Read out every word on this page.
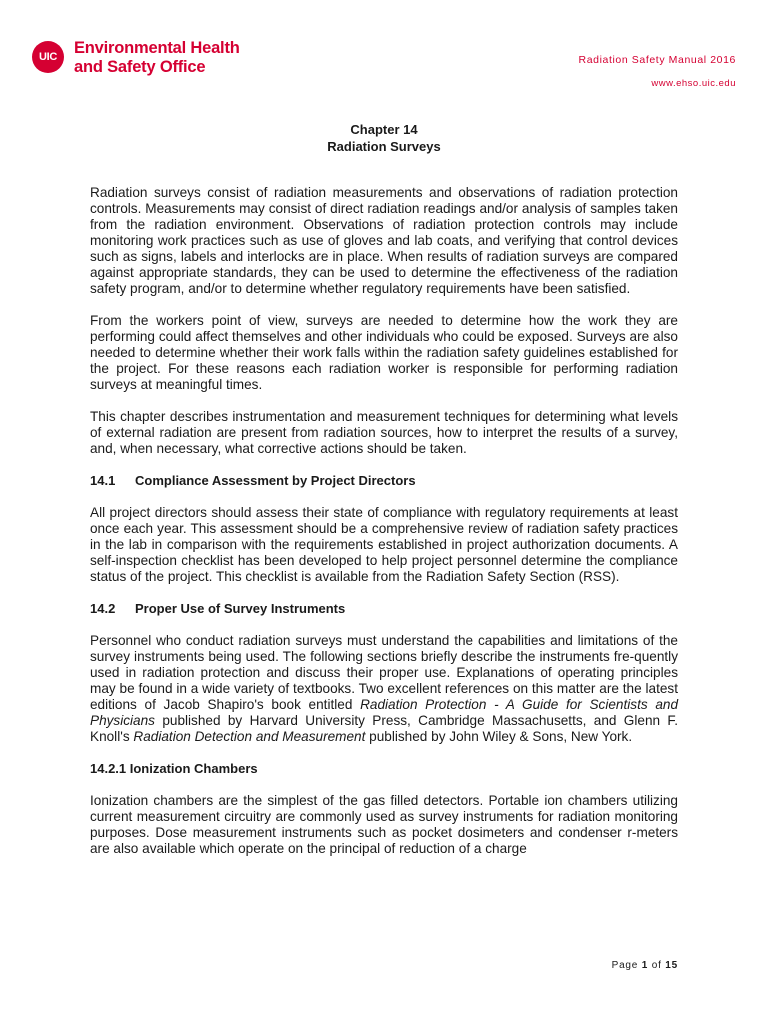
UIC	Environmental Health
and Safety Office	Radiation Safety Manual 2016
www.ehso.uic.edu
Chapter 14
Radiation Surveys

Radiation surveys consist of radiation measurements and observations of radiation protection controls. Measurements may consist of direct radiation readings and/or analysis of samples taken from the radiation environment. Observations of radiation protection controls may include monitoring work practices such as use of gloves and lab coats, and verifying that control devices such as signs, labels and interlocks are in place. When results of radiation surveys are compared against appropriate standards, they can be used to determine the effectiveness of the radiation safety program, and/or to determine whether regulatory requirements have been satisfied.

From the workers point of view, surveys are needed to determine how the work they are performing could affect themselves and other individuals who could be exposed. Surveys are also needed to determine whether their work falls within the radiation safety guidelines established for the project. For these reasons each radiation worker is responsible for performing radiation surveys at meaningful times.

This chapter describes instrumentation and measurement techniques for determining what levels of external radiation are present from radiation sources, how to interpret the results of a survey, and, when necessary, what corrective actions should be taken.

14.1 Compliance Assessment by Project Directors

All project directors should assess their state of compliance with regulatory requirements at least once each year. This assessment should be a comprehensive review of radiation safety practices in the lab in comparison with the requirements established in project authorization documents. A self-inspection checklist has been developed to help project personnel determine the compliance status of the project. This checklist is available from the Radiation Safety Section (RSS).

14.2 Proper Use of Survey Instruments

Personnel who conduct radiation surveys must understand the capabilities and limitations of the survey instruments being used. The following sections briefly describe the instruments fre-quently used in radiation protection and discuss their proper use. Explanations of operating principles may be found in a wide variety of textbooks. Two excellent references on this matter are the latest editions of Jacob Shapiro's book entitled Radiation Protection - A Guide for Scientists and Physicians published by Harvard University Press, Cambridge Massachusetts, and Glenn F. Knoll's Radiation Detection and Measurement published by John Wiley & Sons, New York.

14.2.1 Ionization Chambers

Ionization chambers are the simplest of the gas filled detectors. Portable ion chambers utilizing current measurement circuitry are commonly used as survey instruments for radiation monitoring purposes. Dose measurement instruments such as pocket dosimeters and condenser r-meters are also available which operate on the principal of reduction of a charge

Page 1 of 15
